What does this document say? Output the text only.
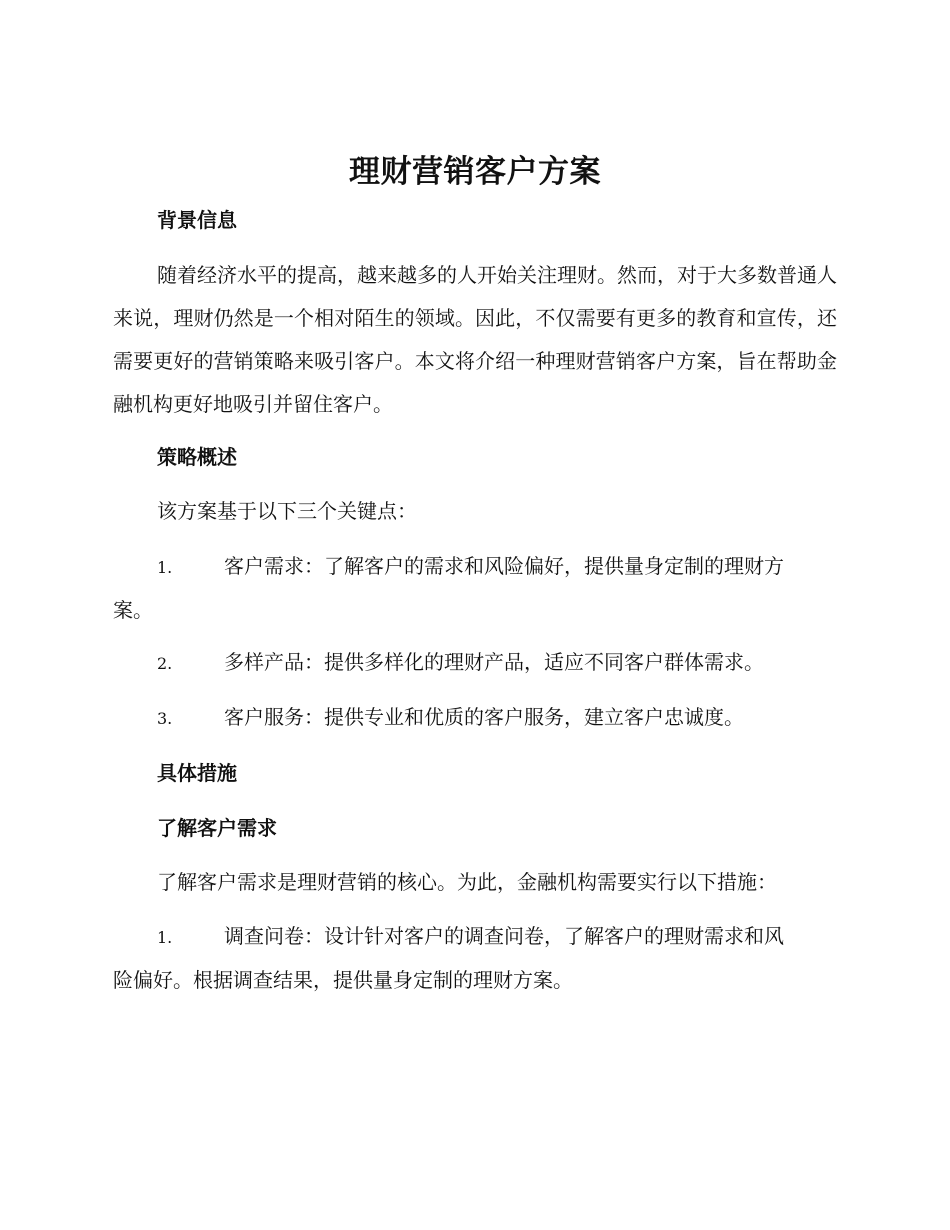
理财营销客户方案
背景信息
随着经济水平的提高，越来越多的人开始关注理财。然而，对于大多数普通人来说，理财仍然是一个相对陌生的领域。因此，不仅需要有更多的教育和宣传，还需要更好的营销策略来吸引客户。本文将介绍一种理财营销客户方案，旨在帮助金融机构更好地吸引并留住客户。
策略概述
该方案基于以下三个关键点：
1.	客户需求：了解客户的需求和风险偏好，提供量身定制的理财方
案。
2.	多样产品：提供多样化的理财产品，适应不同客户群体需求。
3.	客户服务：提供专业和优质的客户服务，建立客户忠诚度。
具体措施
了解客户需求
了解客户需求是理财营销的核心。为此，金融机构需要实行以下措施：
1.	调查问卷：设计针对客户的调查问卷，了解客户的理财需求和风
险偏好。根据调查结果，提供量身定制的理财方案。
